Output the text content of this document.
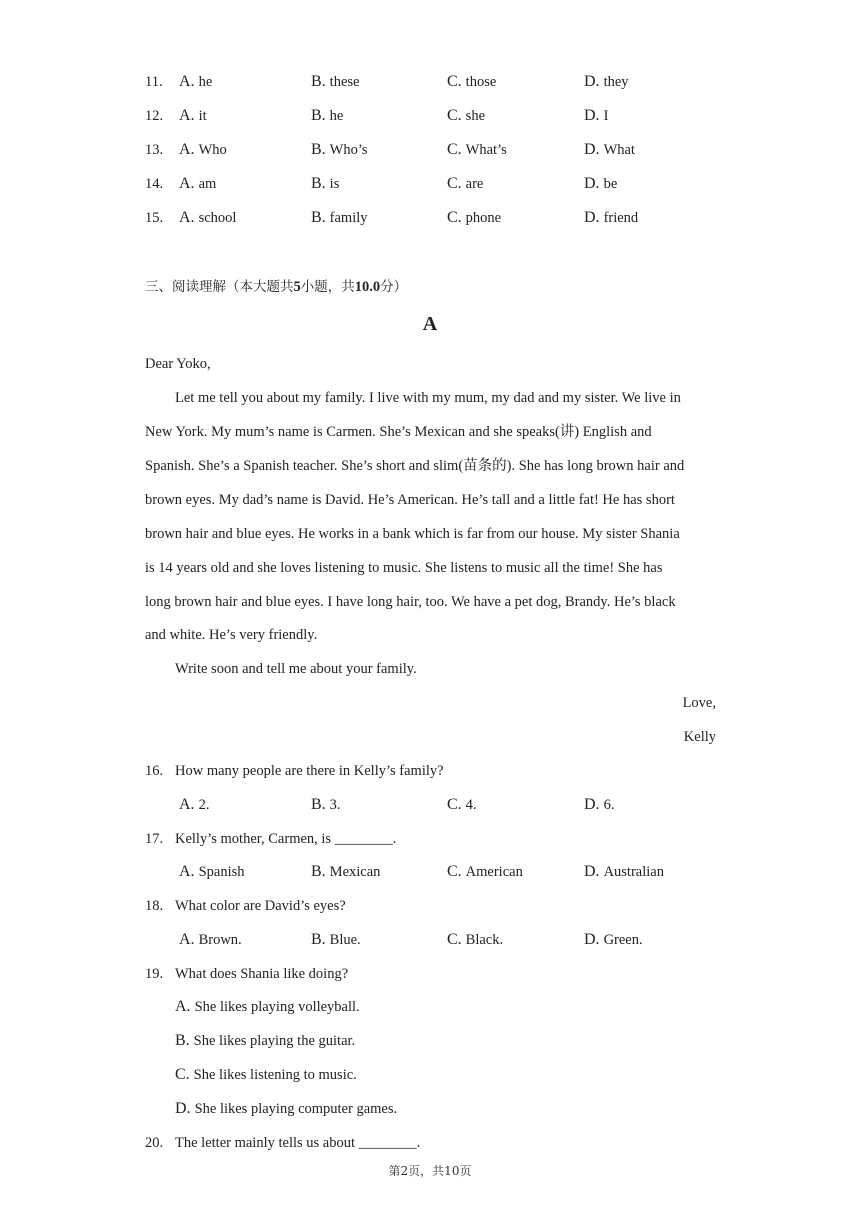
11. A. he	B. these	C. those	D. they
12. A. it	B. he	C. she	D. I
13. A. Who	B. Who’s	C. What’s	D. What
14. A. am	B. is	C. are	D. be
15. A. school	B. family	C. phone	D. friend
三、阅读理解（本大题共5小题，共10.0分）
A
Dear Yoko,
Let me tell you about my family. I live with my mum, my dad and my sister. We live in
New York. My mum’s name is Carmen. She’s Mexican and she speaks(讲) English and
Spanish. She’s a Spanish teacher. She’s short and slim(苗条的). She has long brown hair and
brown eyes. My dad’s name is David. He’s American. He’s tall and a little fat! He has short
brown hair and blue eyes. He works in a bank which is far from our house. My sister Shania
is 14 years old and she loves listening to music. She listens to music all the time! She has
long brown hair and blue eyes. I have long hair, too. We have a pet dog, Brandy. He’s black
and white. He’s very friendly.
Write soon and tell me about your family.
Love,
Kelly
16. How many people are there in Kelly’s family?
A. 2.	B. 3.	C. 4.	D. 6.
17. Kelly’s mother, Carmen, is ________.
A. Spanish	B. Mexican	C. American	D. Australian
18. What color are David’s eyes?
A. Brown.	B. Blue.	C. Black.	D. Green.
19. What does Shania like doing?
A. She likes playing volleyball.
B. She likes playing the guitar.
C. She likes listening to music.
D. She likes playing computer games.
20. The letter mainly tells us about ________.
第2页，共10页
